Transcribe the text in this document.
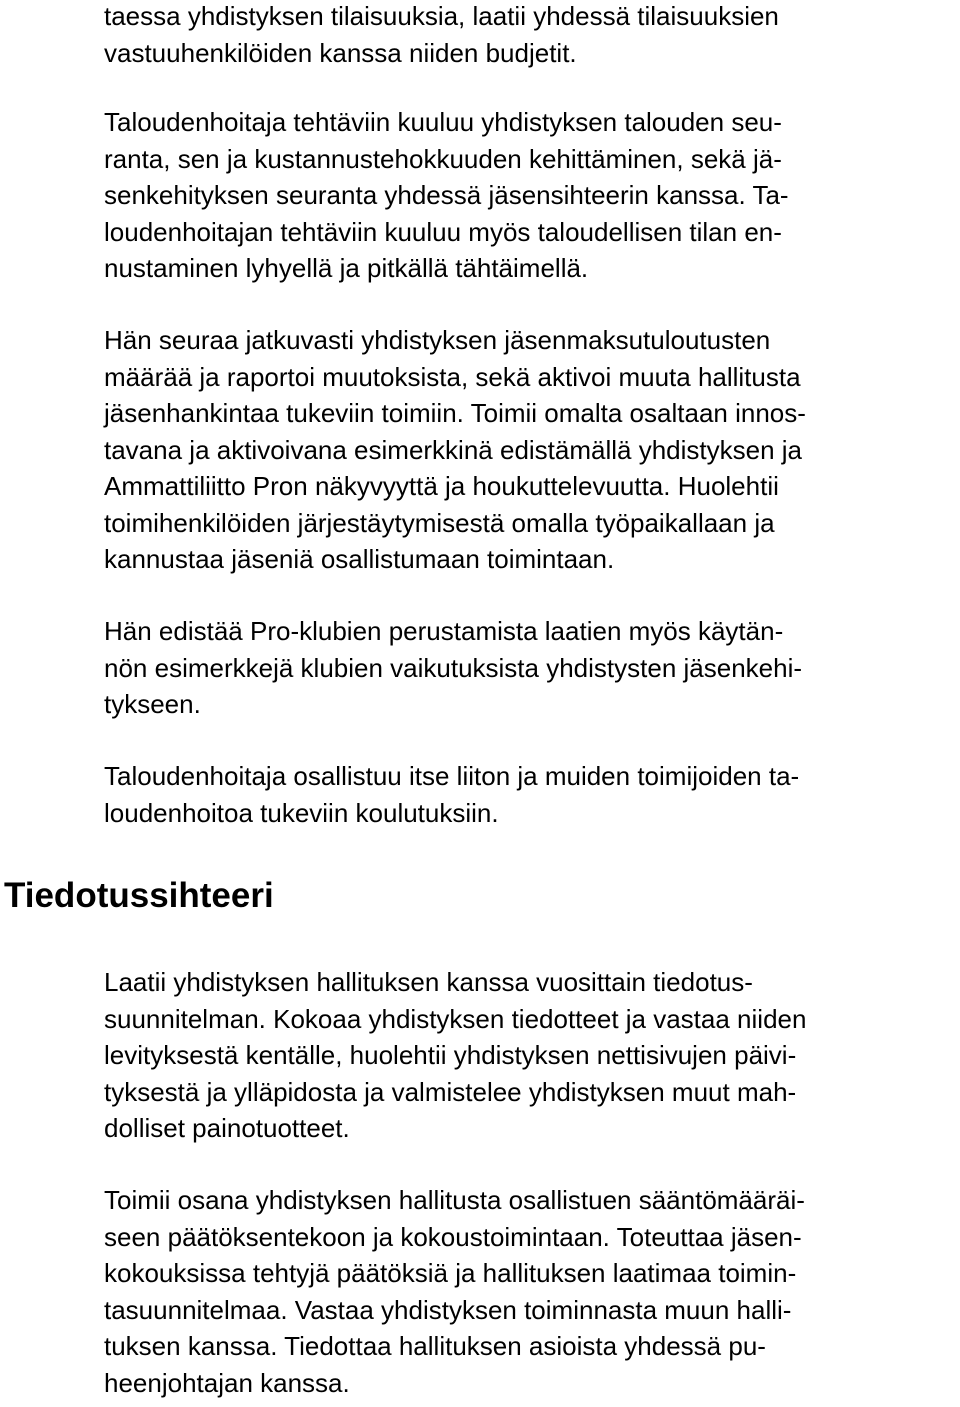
taessa yhdistyksen tilaisuuksia, laatii yhdessä tilaisuuksien
vastuuhenkilöiden kanssa niiden budjetit.

Taloudenhoitaja tehtäviin kuuluu yhdistyksen talouden seu-
ranta, sen ja kustannustehokkuuden kehittäminen, sekä jä-
senkehityksen seuranta yhdessä jäsensihteerin kanssa. Ta-
loudenhoitajan tehtäviin kuuluu myös taloudellisen tilan en-
nustaminen lyhyellä ja pitkällä tähtäimellä.

Hän seuraa jatkuvasti yhdistyksen jäsenmaksutuloutusten
määrää ja raportoi muutoksista, sekä aktivoi muuta hallitusta
jäsenhankintaa tukeviin toimiin. Toimii omalta osaltaan innos-
tavana ja aktivoivana esimerkkinä edistämällä yhdistyksen ja
Ammattiliitto Pron näkyvyyttä ja houkuttelevuutta. Huolehtii
toimihenkilöiden järjestäytymisestä omalla työpaikallaan ja
kannustaa jäseniä osallistumaan toimintaan.

Hän edistää Pro-klubien perustamista laatien myös käytän-
nön esimerkkejä klubien vaikutuksista yhdistysten jäsenkehi-
tykseen.

Taloudenhoitaja osallistuu itse liiton ja muiden toimijoiden ta-
loudenhoitoa tukeviin koulutuksiin.

Tiedotussihteeri

Laatii yhdistyksen hallituksen kanssa vuosittain tiedotus-
suunnitelman. Kokoaa yhdistyksen tiedotteet ja vastaa niiden
levityksestä kentälle, huolehtii yhdistyksen nettisivujen päivi-
tyksestä ja ylläpidosta ja valmistelee yhdistyksen muut mah-
dolliset painotuotteet.

Toimii osana yhdistyksen hallitusta osallistuen sääntömääräi-
seen päätöksentekoon ja kokoustoimintaan. Toteuttaa jäsen-
kokouksissa tehtyjä päätöksiä ja hallituksen laatimaa toimin-
tasuunnitelmaa. Vastaa yhdistyksen toiminnasta muun halli-
tuksen kanssa. Tiedottaa hallituksen asioista yhdessä pu-
heenjohtajan kanssa.
